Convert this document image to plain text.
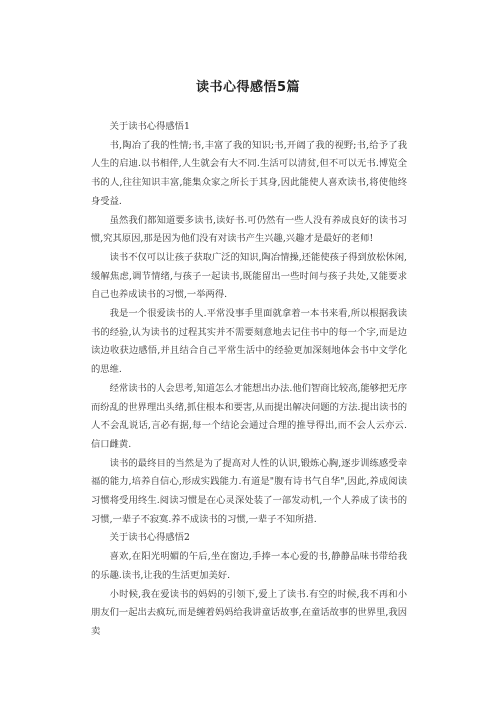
读书心得感悟5篇

关于读书心得感悟1

书,陶冶了我的性情;书,丰富了我的知识;书,开阔了我的视野;书,给予了我人生的启迪.以书相伴,人生就会有大不同.生活可以清贫,但不可以无书.博览全书的人,往往知识丰富,能集众家之所长于其身,因此能使人喜欢读书,将使他终身受益.

虽然我们都知道要多读书,读好书.可仍然有一些人没有养成良好的读书习惯,究其原因,那是因为他们没有对读书产生兴趣,兴趣才是最好的老师!

读书不仅可以让孩子获取广泛的知识,陶冶情操,还能使孩子得到放松休闲,缓解焦虑,调节情绪,与孩子一起读书,既能留出一些时间与孩子共处,又能要求自己也养成读书的习惯,一举两得.

我是一个很爱读书的人.平常没事手里面就拿着一本书来看,所以根据我读书的经验,认为读书的过程其实并不需要刻意地去记住书中的每一个字,而是边读边收获边感悟,并且结合自己平常生活中的经验更加深刻地体会书中文学化的思维.

经常读书的人会思考,知道怎么才能想出办法.他们智商比较高,能够把无序而纷乱的世界理出头绪,抓住根本和要害,从而提出解决问题的方法.提出读书的人不会乱说话,言必有据,每一个结论会通过合理的推导得出,而不会人云亦云.信口雌黄.

读书的最终目的当然是为了提高对人性的认识,锻炼心胸,逐步训练感受幸福的能力,培养自信心,形成实践能力.有道是"腹有诗书气自华",因此,养成阅读习惯将受用终生.阅读习惯是在心灵深处装了一部发动机,一个人养成了读书的习惯,一辈子不寂寞.养不成读书的习惯,一辈子不知所措.

关于读书心得感悟2

喜欢,在阳光明媚的午后,坐在窗边,手捧一本心爱的书,静静品味书带给我的乐趣.读书,让我的生活更加美好.

小时候,我在爱读书的妈妈的引领下,爱上了读书.有空的时候,我不再和小朋友们一起出去疯玩,而是缠着妈妈给我讲童话故事,在童话故事的世界里,我因卖
